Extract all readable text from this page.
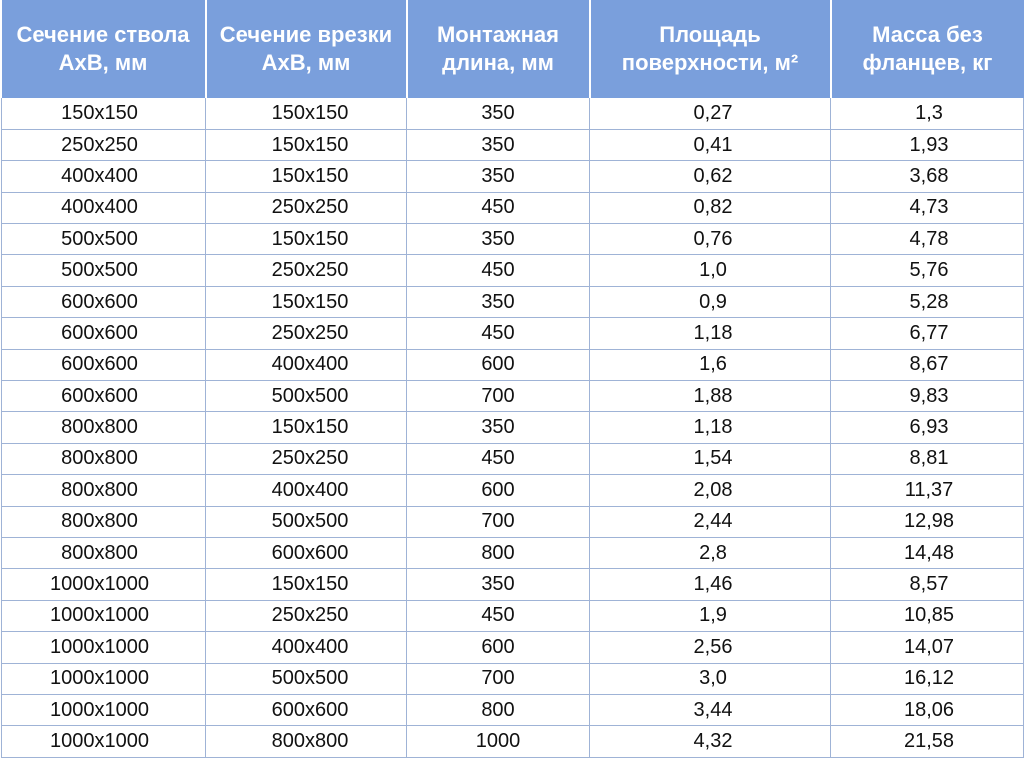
Сечение ствола АхВ, мм	Сечение врезки АхВ, мм	Монтажная длина, мм	Площадь поверхности, м²	Масса без фланцев, кг
150х150	150х150	350	0,27	1,3
250х250	150х150	350	0,41	1,93
400х400	150х150	350	0,62	3,68
400х400	250х250	450	0,82	4,73
500х500	150х150	350	0,76	4,78
500х500	250х250	450	1,0	5,76
600х600	150х150	350	0,9	5,28
600х600	250х250	450	1,18	6,77
600х600	400х400	600	1,6	8,67
600х600	500х500	700	1,88	9,83
800х800	150х150	350	1,18	6,93
800х800	250х250	450	1,54	8,81
800х800	400х400	600	2,08	11,37
800х800	500х500	700	2,44	12,98
800х800	600х600	800	2,8	14,48
1000х1000	150х150	350	1,46	8,57
1000х1000	250х250	450	1,9	10,85
1000х1000	400х400	600	2,56	14,07
1000х1000	500х500	700	3,0	16,12
1000х1000	600х600	800	3,44	18,06
1000х1000	800х800	1000	4,32	21,58
